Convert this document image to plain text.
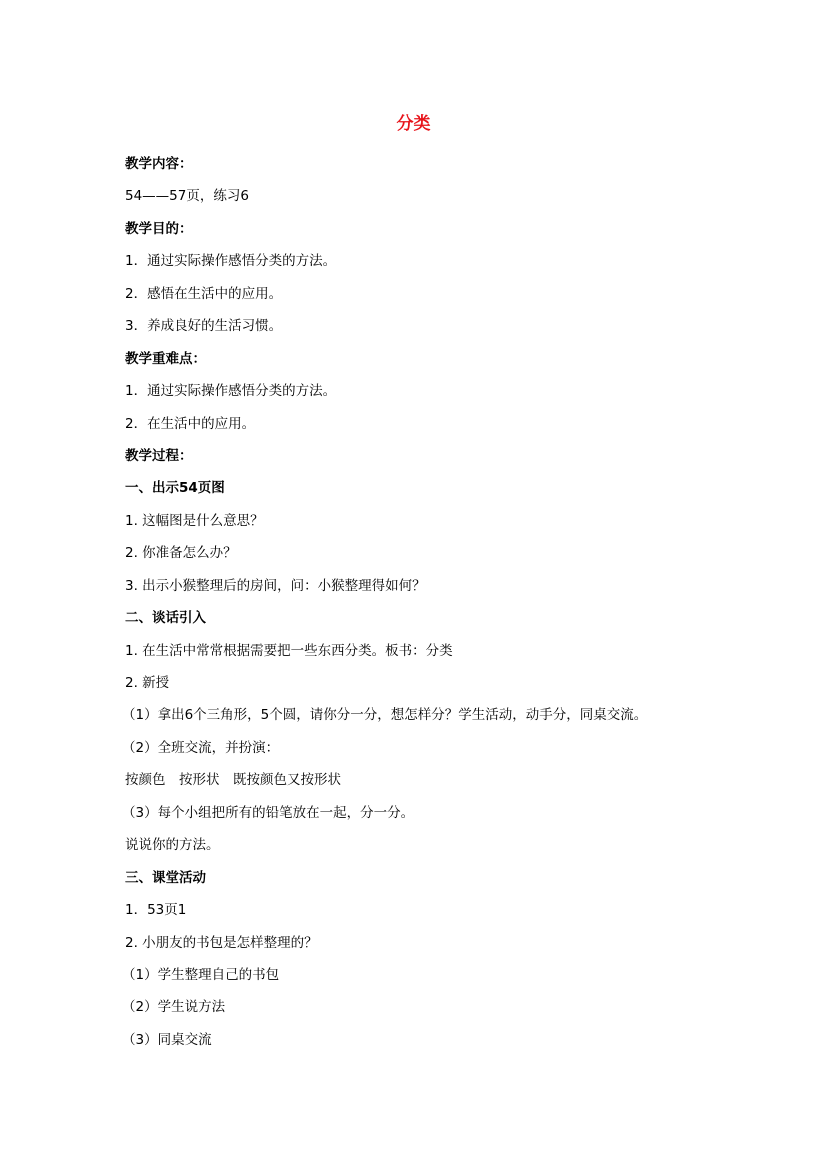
分类
教学内容：
54——57页，练习6
教学目的：
1．通过实际操作感悟分类的方法。
2．感悟在生活中的应用。
3．养成良好的生活习惯。
教学重难点：
1．通过实际操作感悟分类的方法。
2．在生活中的应用。
教学过程：
一、出示54页图
1. 这幅图是什么意思？
2. 你准备怎么办？
3. 出示小猴整理后的房间，问：小猴整理得如何？
二、谈话引入
1. 在生活中常常根据需要把一些东西分类。板书：分类
2. 新授
（1）拿出6个三角形，5个圆，请你分一分，想怎样分？学生活动，动手分，同桌交流。
（2）全班交流，并扮演：
按颜色　按形状　既按颜色又按形状
（3）每个小组把所有的铅笔放在一起，分一分。
说说你的方法。
三、课堂活动
1．53页1
2. 小朋友的书包是怎样整理的？
（1）学生整理自己的书包
（2）学生说方法
（3）同桌交流
